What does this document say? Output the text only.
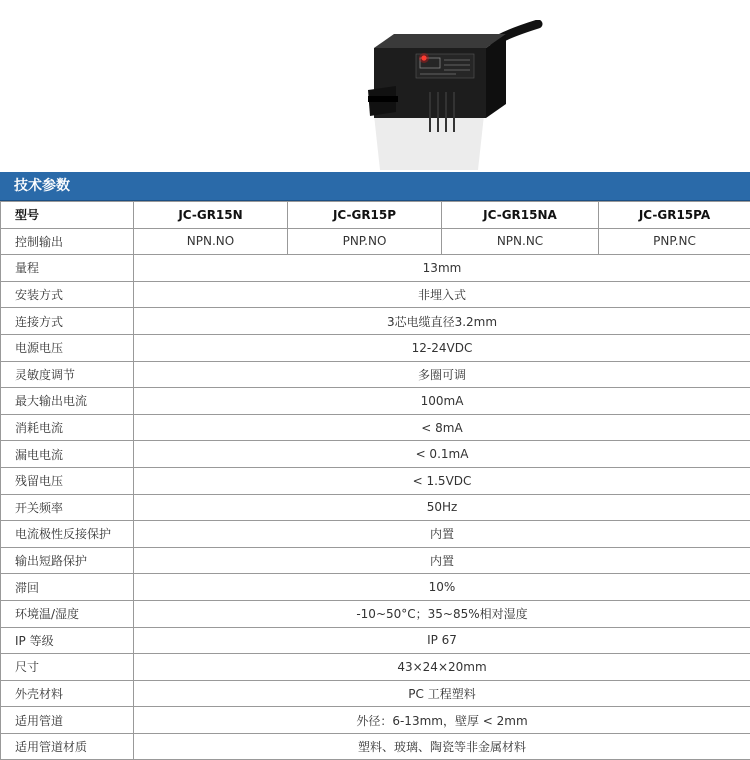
技术参数
型号	JC-GR15N	JC-GR15P	JC-GR15NA	JC-GR15PA
控制输出	NPN.NO	PNP.NO	NPN.NC	PNP.NC
量程	13mm			
安装方式	非埋入式			
连接方式	3芯电缆直径3.2mm			
电源电压	12-24VDC			
灵敏度调节	多圈可调			
最大输出电流	100mA			
消耗电流	< 8mA			
漏电电流	< 0.1mA			
残留电压	< 1.5VDC			
开关频率	50Hz			
电流极性反接保护	内置			
输出短路保护	内置			
滞回	10%			
环境温/湿度	-10~50°C；35~85%相对湿度			
IP 等级	IP 67			
尺寸	43×24×20mm			
外壳材料	PC 工程塑料			
适用管道	外径：6-13mm，壁厚 < 2mm			
适用管道材质	塑料、玻璃、陶瓷等非金属材料			
